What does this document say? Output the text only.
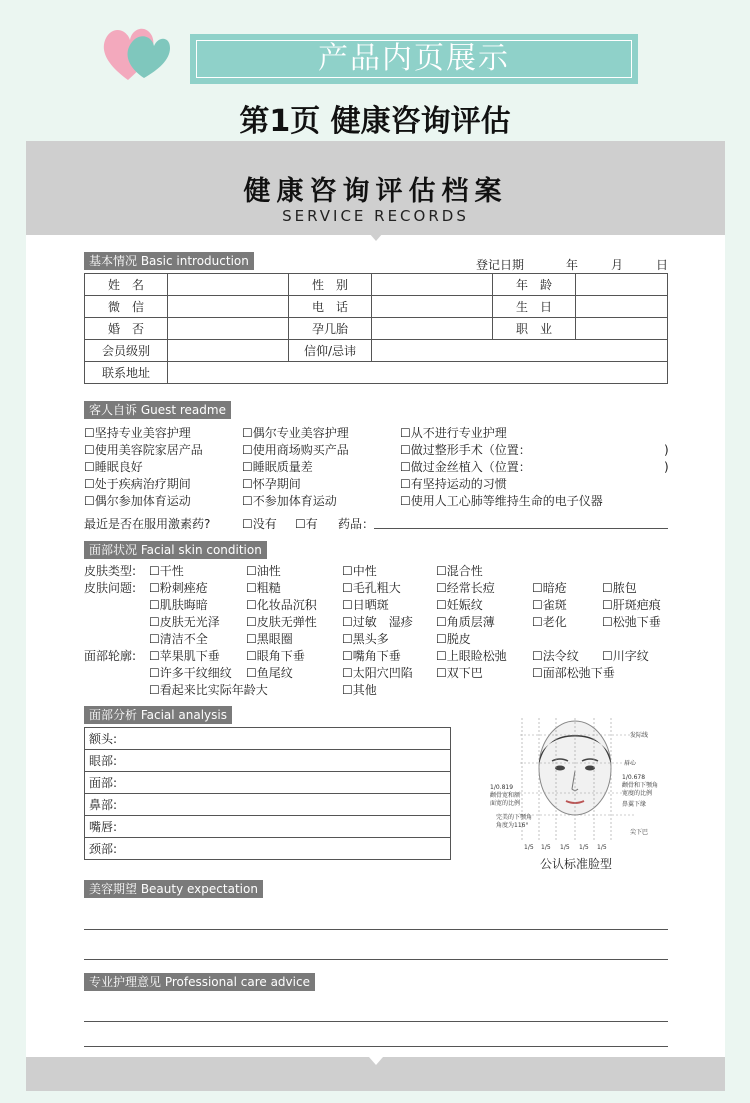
产品内页展示
第1页 健康咨询评估
健康咨询评估档案
SERVICE RECORDS
基本情况 Basic introduction	登记日期	年	月	日
姓　名		性　别		年　龄	
微　信		电　话		生　日	
婚　否		孕几胎		职　业	
会员级别		信仰/忌讳			
联系地址					
客人自诉 Guest readme
☐坚持专业美容护理	☐偶尔专业美容护理	☐从不进行专业护理
☐使用美容院家居产品	☐使用商场购买产品	☐做过整形手术（位置：	)
☐睡眠良好	☐睡眠质量差	☐做过金丝植入（位置：	)
☐处于疾病治疗期间	☐怀孕期间	☐有坚持运动的习惯
☐偶尔参加体育运动	☐不参加体育运动	☐使用人工心肺等维持生命的电子仪器
最近是否在服用激素药?	☐没有 ☐有 药品：
面部状况 Facial skin condition
皮肤类型: ☐干性	☐油性	☐中性	☐混合性
皮肤问题: ☐粉刺痤疮	☐粗糙	☐毛孔粗大	☐经常长痘	☐暗疮	☐脓包
☐肌肤晦暗	☐化妆品沉积 ☐日晒斑	☐妊娠纹	☐雀斑	☐肝斑疤痕
☐皮肤无光泽 ☐皮肤无弹性 ☐过敏　湿疹 ☐角质层薄	☐老化	☐松弛下垂
☐清洁不全	☐黑眼圈	☐黑头多	☐脱皮
面部轮廓: ☐苹果肌下垂 ☐眼角下垂	☐嘴角下垂	☐上眼睑松弛 ☐法令纹 ☐川字纹
☐许多干纹细纹 ☐鱼尾纹	☐太阳穴凹陷 ☐双下巴	☐面部松弛下垂
☐看起来比实际年龄大	☐其他
面部分析 Facial analysis
额头:
眼部:
面部:
鼻部:
嘴唇:
颈部:
发际线
眉心
1/0.678
颧骨和下颚角
宽度的比例
鼻翼下缘
尖下巴
1/0.819
颧骨宽和额
面宽的比例
完美的下颚角
角度为116°
1/5 1/5 1/5 1/5 1/5
公认标准脸型
美容期望 Beauty expectation
专业护理意见 Professional care advice
